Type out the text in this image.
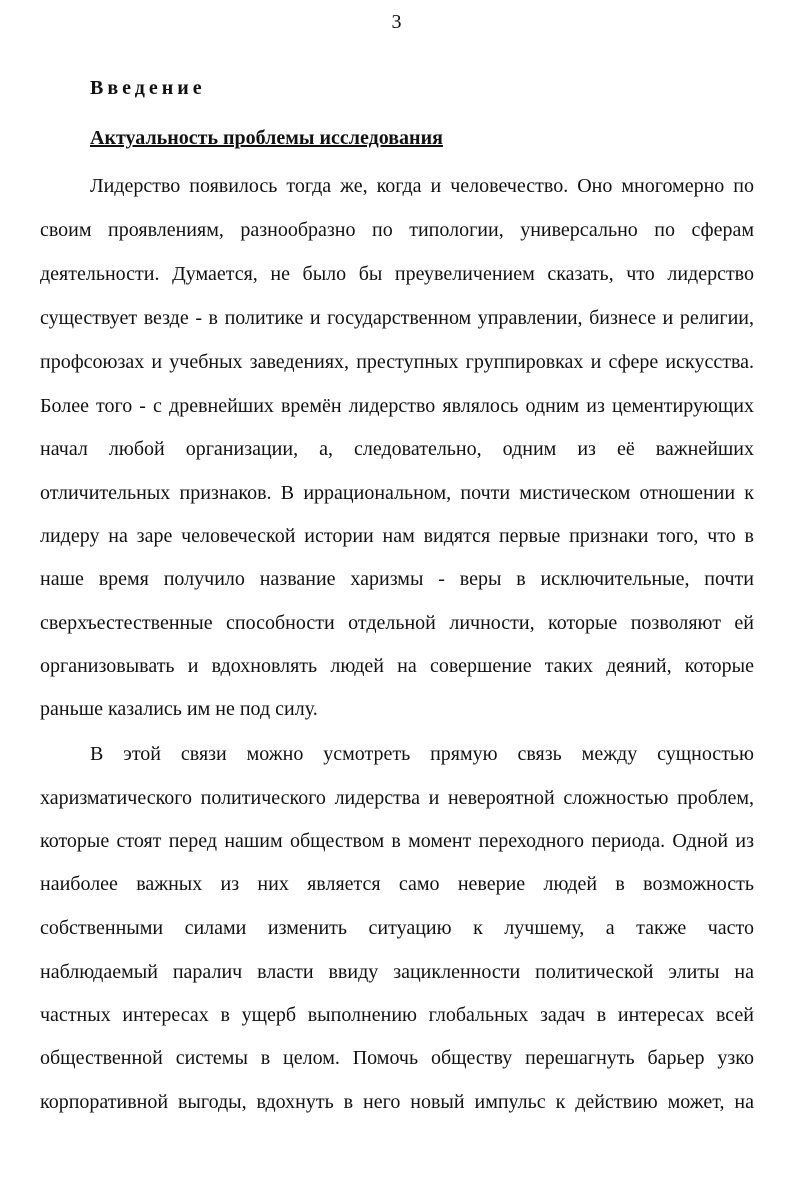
3
Введение
Актуальность проблемы исследования
Лидерство появилось тогда же, когда и человечество. Оно многомерно по
своим проявлениям, разнообразно по типологии, универсально по сферам
деятельности. Думается, не было бы преувеличением сказать, что лидерство
существует везде - в политике и государственном управлении, бизнесе и религии,
профсоюзах и учебных заведениях, преступных группировках и сфере искусства.
Более того - с древнейших времён лидерство являлось одним из цементирующих
начал любой организации, а, следовательно, одним из её важнейших
отличительных признаков. В иррациональном, почти мистическом отношении к
лидеру на заре человеческой истории нам видятся первые признаки того, что в
наше время получило название харизмы - веры в исключительные, почти
сверхъестественные способности отдельной личности, которые позволяют ей
организовывать и вдохновлять людей на совершение таких деяний, которые
раньше казались им не под силу.
В этой связи можно усмотреть прямую связь между сущностью
харизматического политического лидерства и невероятной сложностью проблем,
которые стоят перед нашим обществом в момент переходного периода. Одной из
наиболее важных из них является само неверие людей в возможность
собственными силами изменить ситуацию к лучшему, а также часто
наблюдаемый паралич власти ввиду зацикленности политической элиты на
частных интересах в ущерб выполнению глобальных задач в интересах всей
общественной системы в целом. Помочь обществу перешагнуть барьер узко
корпоративной выгоды, вдохнуть в него новый импульс к действию может, на
